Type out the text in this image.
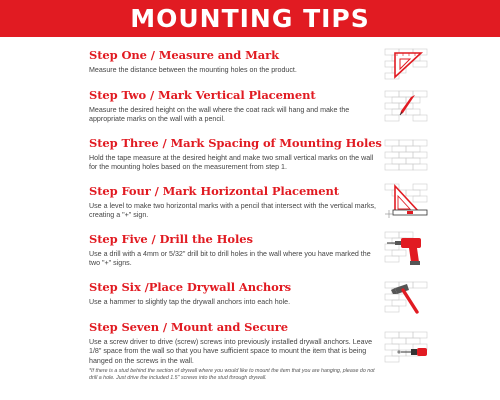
MOUNTING TIPS
Step One / Measure and Mark
Measure the distance between the mounting holes on the product.
Step Two / Mark Vertical Placement
Measure the desired height on the wall where the coat rack will hang and make the appropriate marks on the wall with a pencil.
Step Three / Mark Spacing of Mounting Holes
Hold the tape measure at the desired height and make two small vertical marks on the wall for the mounting holes based on the measurement from step 1.
Step Four / Mark Horizontal Placement
Use a level to make two horizontal marks with a pencil that intersect with the vertical marks, creating a "+" sign.
Step Five / Drill the Holes
Use a drill with a 4mm or 5/32" drill bit to drill holes in the wall where you have marked the two "+" signs.
Step Six /Place Drywall Anchors
Use a hammer to slightly tap the drywall anchors into each hole.
Step Seven / Mount and Secure
Use a screw driver to drive (screw) screws into previously installed drywall anchors. Leave 1/8" space from the wall so that you have sufficient space to mount the item that is being hanged on the screws in the wall.
*If there is a stud behind the section of drywall where you would like to mount the item that you are hanging, please do not drill a hole. Just drive the included 1.5" screws into the stud through drywall.
